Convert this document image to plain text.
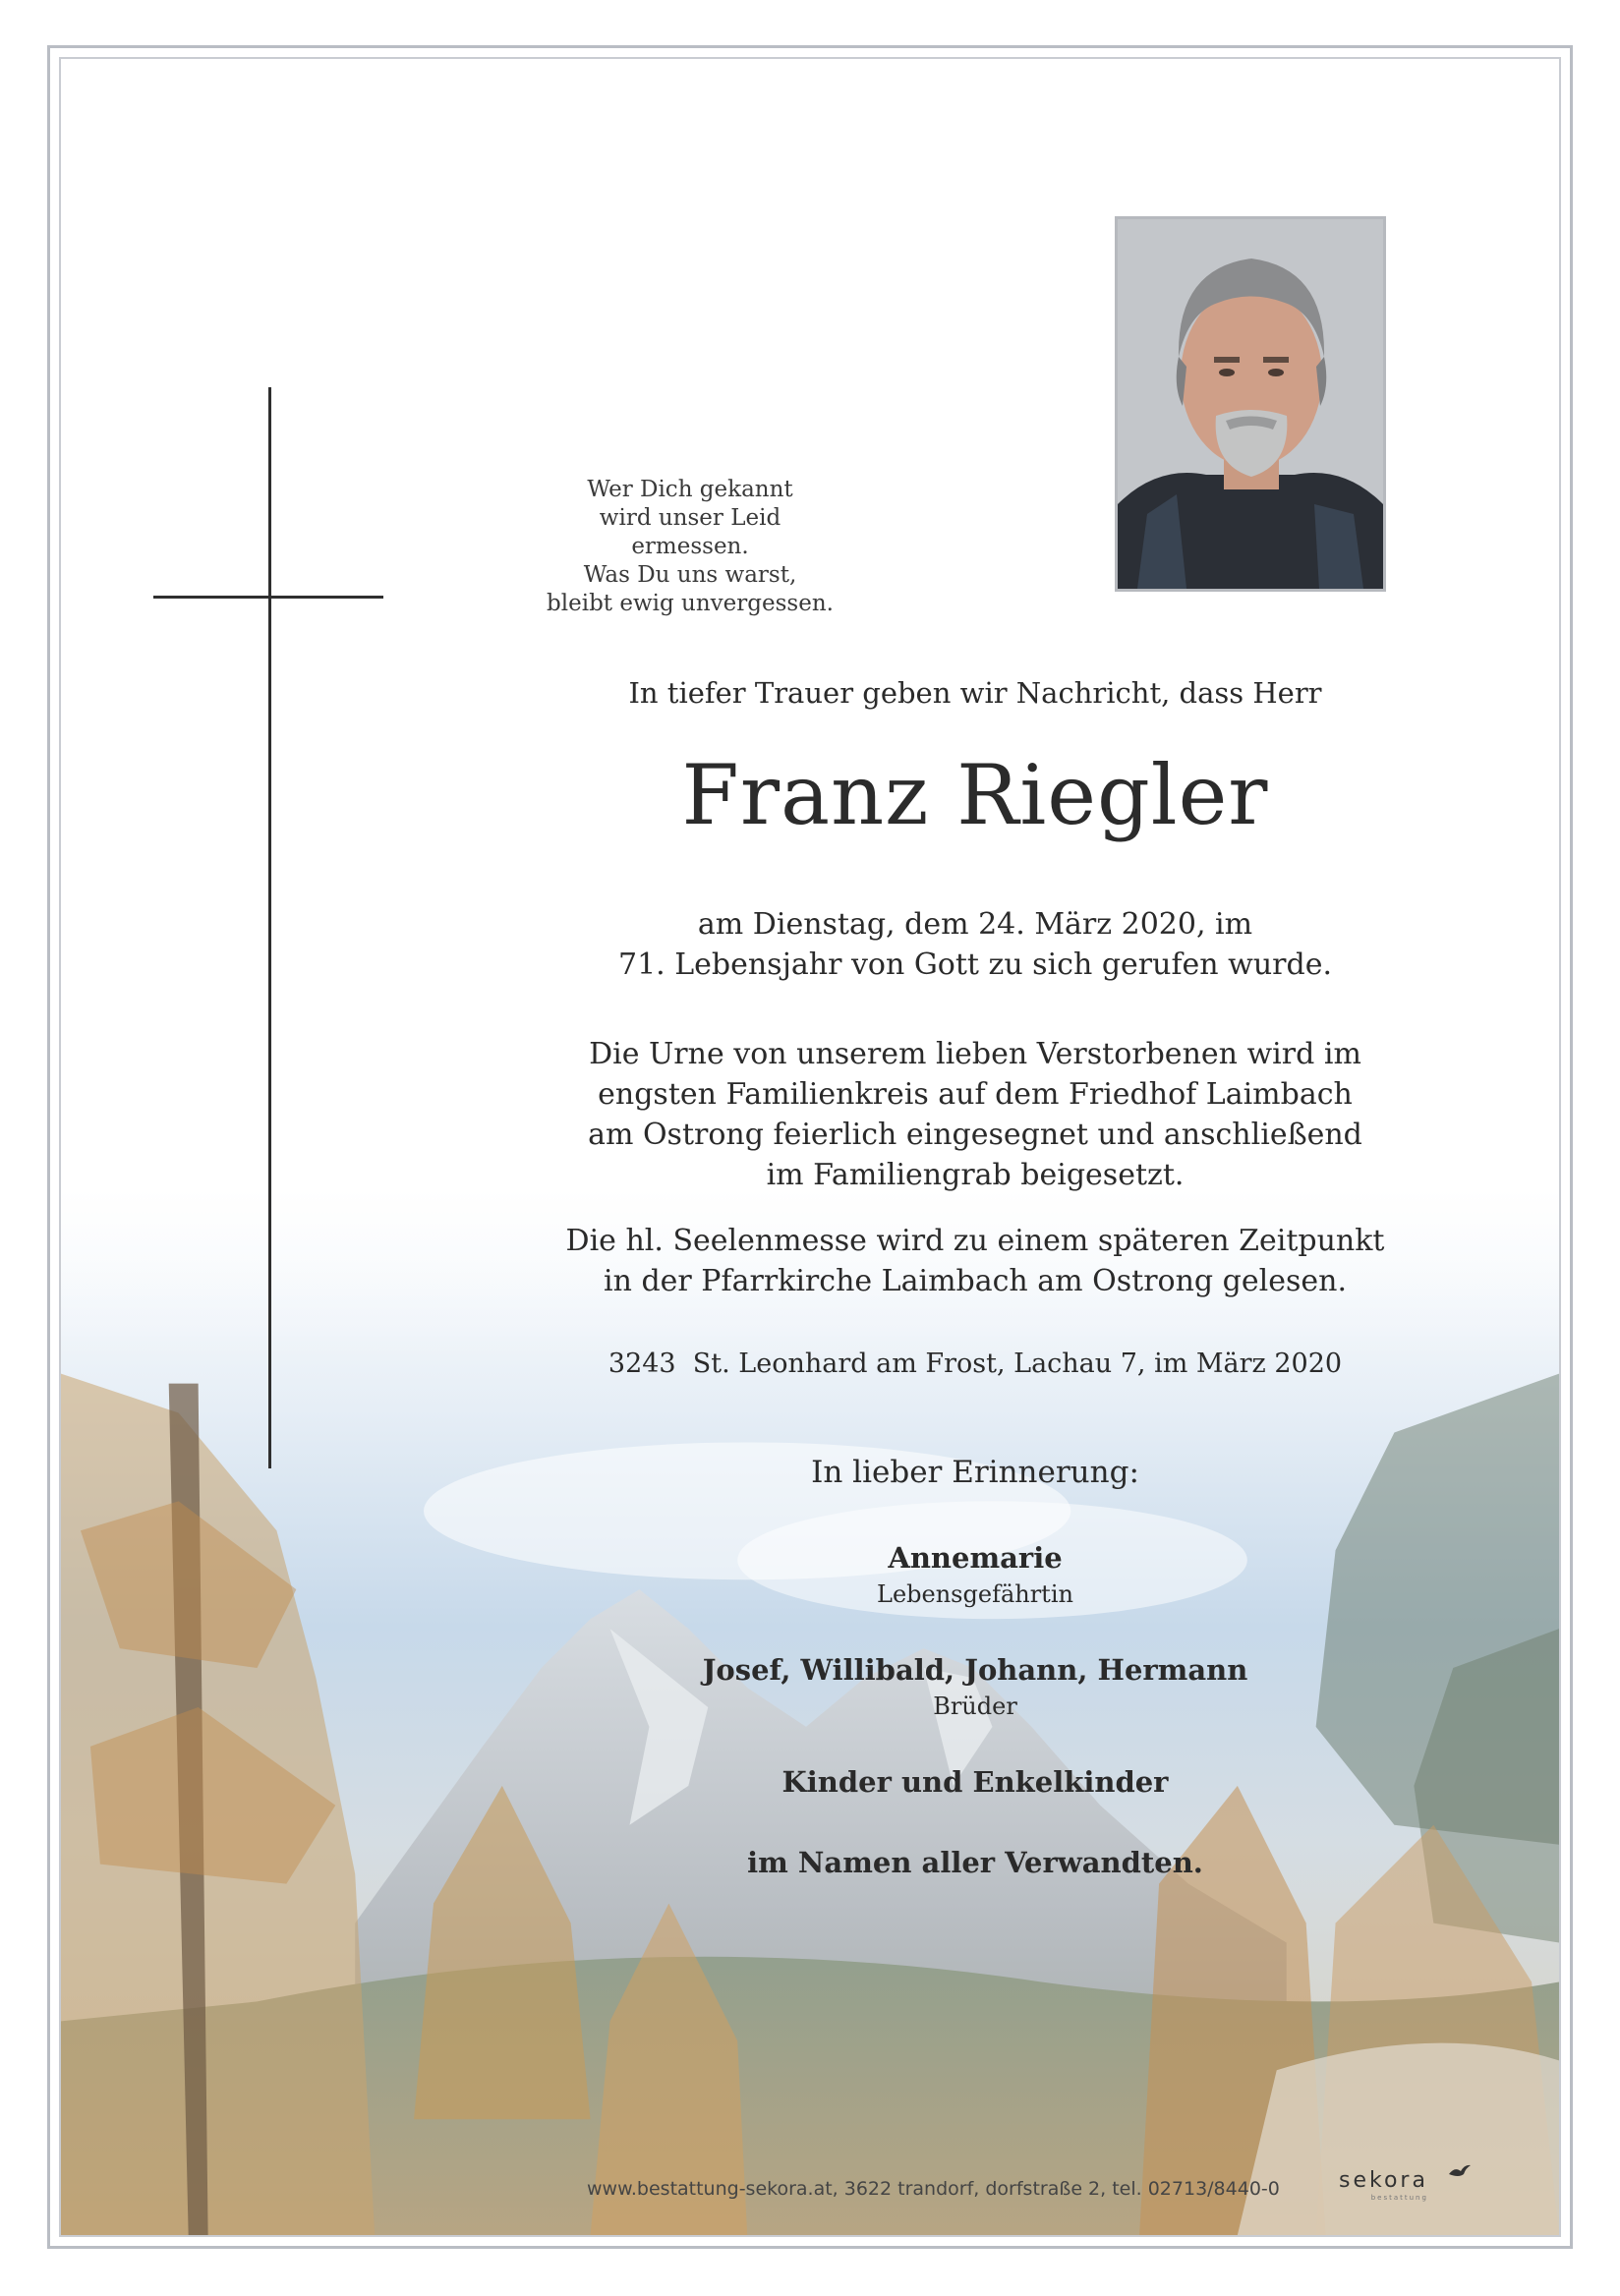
Wer Dich gekannt
wird unser Leid ermessen.
Was Du uns warst,
bleibt ewig unvergessen.
In tiefer Trauer geben wir Nachricht, dass Herr
Franz Riegler
am Dienstag, dem 24. März 2020, im
71. Lebensjahr von Gott zu sich gerufen wurde.
Die Urne von unserem lieben Verstorbenen wird im
engsten Familienkreis auf dem Friedhof Laimbach
am Ostrong feierlich eingesegnet und anschließend
im Familiengrab beigesetzt.
Die hl. Seelenmesse wird zu einem späteren Zeitpunkt
in der Pfarrkirche Laimbach am Ostrong gelesen.
3243  St. Leonhard am Frost, Lachau 7, im März 2020
In lieber Erinnerung:
Annemarie
Lebensgefährtin
Josef, Willibald, Johann, Hermann
Brüder
Kinder und Enkelkinder
im Namen aller Verwandten.
www.bestattung-sekora.at, 3622 trandorf, dorfstraße 2, tel. 02713/8440-0	sekora
bestattung
